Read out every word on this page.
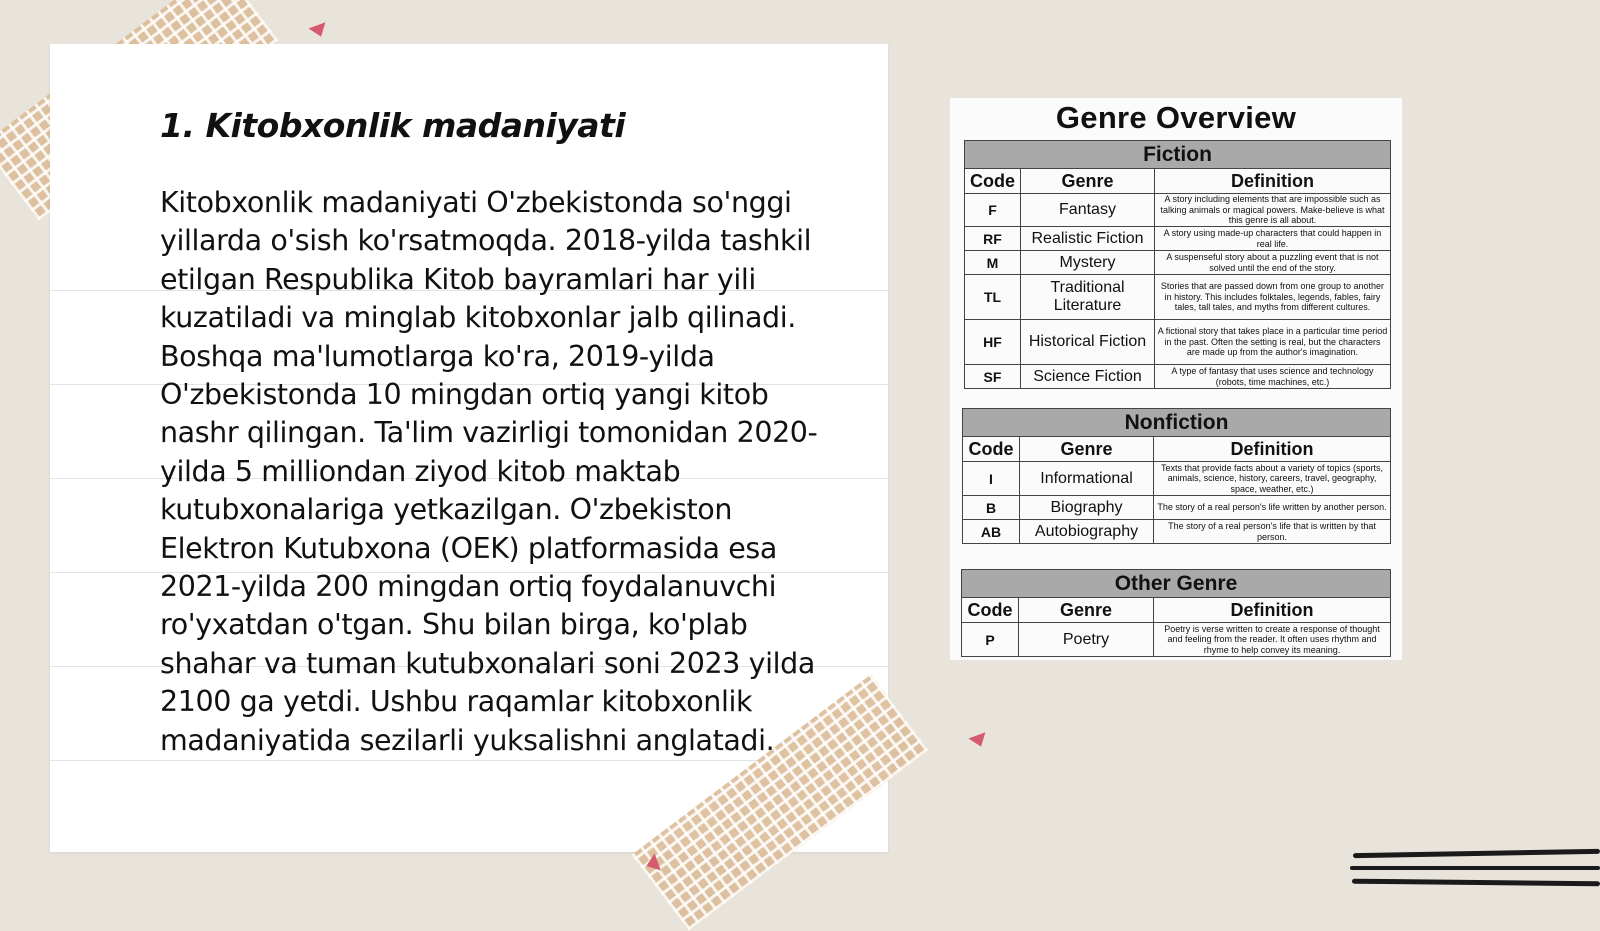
1. Kitobxonlik madaniyati

Kitobxonlik madaniyati O'zbekistonda so'nggi yillarda o'sish ko'rsatmoqda. 2018-yilda tashkil etilgan Respublika Kitob bayramlari har yili kuzatiladi va minglab kitobxonlar jalb qilinadi. Boshqa ma'lumotlarga ko'ra, 2019-yilda O'zbekistonda 10 mingdan ortiq yangi kitob nashr qilingan. Ta'lim vazirligi tomonidan 2020-yilda 5 milliondan ziyod kitob maktab kutubxonalariga yetkazilgan. O'zbekiston Elektron Kutubxona (OEK) platformasida esa 2021-yilda 200 mingdan ortiq foydalanuvchi ro'yxatdan o'tgan. Shu bilan birga, ko'plab shahar va tuman kutubxonalari soni 2023 yilda 2100 ga yetdi. Ushbu raqamlar kitobxonlik madaniyatida sezilarli yuksalishni anglatadi.

Genre Overview
Fiction		
Code	Genre	Definition
F	Fantasy	A story including elements that are impossible such as talking animals or magical powers. Make-believe is what this genre is all about.
RF	Realistic Fiction	A story using made-up characters that could happen in real life.
M	Mystery	A suspenseful story about a puzzling event that is not solved until the end of the story.
TL	Traditional Literature	Stories that are passed down from one group to another in history. This includes folktales, legends, fables, fairy tales, tall tales, and myths from different cultures.
HF	Historical Fiction	A fictional story that takes place in a particular time period in the past. Often the setting is real, but the characters are made up from the author's imagination.
SF	Science Fiction	A type of fantasy that uses science and technology (robots, time machines, etc.)
Nonfiction		
Code	Genre	Definition
I	Informational	Texts that provide facts about a variety of topics (sports, animals, science, history, careers, travel, geography, space, weather, etc.)
B	Biography	The story of a real person's life written by another person.
AB	Autobiography	The story of a real person's life that is written by that person.
Other Genre		
Code	Genre	Definition
P	Poetry	Poetry is verse written to create a response of thought and feeling from the reader. It often uses rhythm and rhyme to help convey its meaning.
